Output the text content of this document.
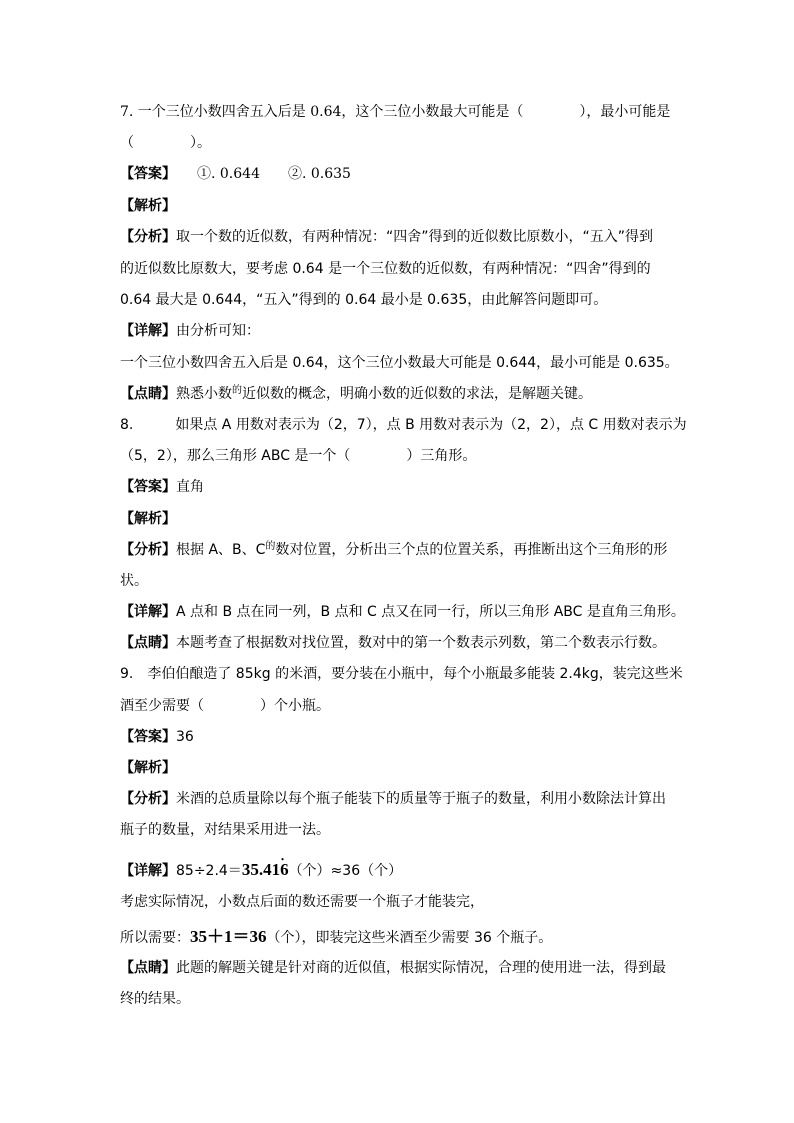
7. 一个三位小数四舍五入后是 0.64，这个三位小数最大可能是（　　　　），最小可能是
（　　　　）。
【答案】　　①. 0.644　　②. 0.635
【解析】
【分析】取一个数的近似数，有两种情况：“四舍”得到的近似数比原数小，“五入”得到
的近似数比原数大，要考虑 0.64 是一个三位数的近似数，有两种情况：“四舍”得到的
0.64 最大是 0.644，“五入”得到的 0.64 最小是 0.635，由此解答问题即可。
【详解】由分析可知：
一个三位小数四舍五入后是 0.64，这个三位小数最大可能是 0.644，最小可能是 0.635。
【点睛】熟悉小数$^的$近似数的概念，明确小数的近似数的求法，是解题关键。
8.　　　如果点 A 用数对表示为（2，7），点 B 用数对表示为（2，2），点 C 用数对表示为
（5，2），那么三角形 ABC 是一个（　　　　）三角形。
【答案】直角
【解析】
【分析】根据 A、B、$C^的$数对位置，分析出三个点的位置关系，再推断出这个三角形的形
状。
【详解】A 点和 B 点在同一列，B 点和 C 点又在同一行，所以三角形 ABC 是直角三角形。
【点睛】本题考查了根据数对找位置，数对中的第一个数表示列数，第二个数表示行数。
9.　李伯伯酿造了 85kg 的米酒，要分装在小瓶中，每个小瓶最多能装 2.4kg，装完这些米
酒至少需要（　　　　）个小瓶。
【答案】36
【解析】
【分析】米酒的总质量除以每个瓶子能装下的质量等于瓶子的数量，利用小数除法计算出
瓶子的数量，对结果采用进一法。
【详解】85÷2.4＝35.41• 6（个）≈36（个）
考虑实际情况，小数点后面的数还需要一个瓶子才能装完，
所以需要：35＋1＝36（个），即装完这些米酒至少需要 36 个瓶子。
【点睛】此题的解题关键是针对商的近似值，根据实际情况，合理的使用进一法，得到最
终的结果。
